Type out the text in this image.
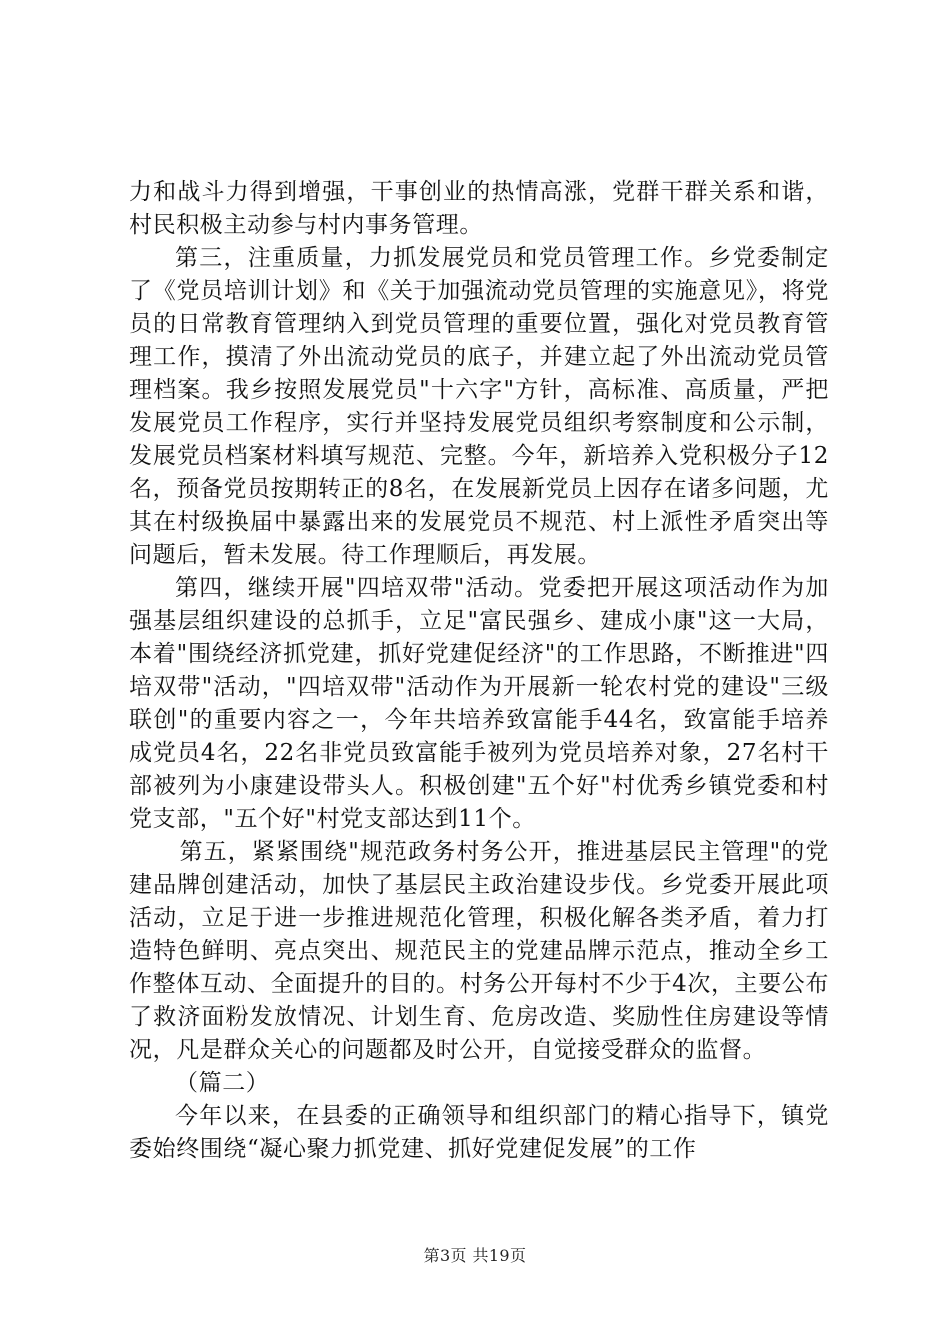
力和战斗力得到增强，干事创业的热情高涨，党群干群关系和谐，村民积极主动参与村内事务管理。

第三，注重质量，力抓发展党员和党员管理工作。乡党委制定了《党员培训计划》和《关于加强流动党员管理的实施意见》，将党员的日常教育管理纳入到党员管理的重要位置，强化对党员教育管理工作，摸清了外出流动党员的底子，并建立起了外出流动党员管理档案。我乡按照发展党员"十六字"方针，高标准、高质量，严把发展党员工作程序，实行并坚持发展党员组织考察制度和公示制，发展党员档案材料填写规范、完整。今年，新培养入党积极分子12名，预备党员按期转正的8名，在发展新党员上因存在诸多问题，尤其在村级换届中暴露出来的发展党员不规范、村上派性矛盾突出等问题后，暂未发展。待工作理顺后，再发展。

第四，继续开展"四培双带"活动。党委把开展这项活动作为加强基层组织建设的总抓手，立足"富民强乡、建成小康"这一大局，本着"围绕经济抓党建，抓好党建促经济"的工作思路，不断推进"四培双带"活动，"四培双带"活动作为开展新一轮农村党的建设"三级联创"的重要内容之一，今年共培养致富能手44名，致富能手培养成党员4名，22名非党员致富能手被列为党员培养对象，27名村干部被列为小康建设带头人。积极创建"五个好"村优秀乡镇党委和村党支部，"五个好"村党支部达到11个。

第五，紧紧围绕"规范政务村务公开，推进基层民主管理"的党建品牌创建活动，加快了基层民主政治建设步伐。乡党委开展此项活动，立足于进一步推进规范化管理，积极化解各类矛盾，着力打造特色鲜明、亮点突出、规范民主的党建品牌示范点，推动全乡工作整体互动、全面提升的目的。村务公开每村不少于4次，主要公布了救济面粉发放情况、计划生育、危房改造、奖励性住房建设等情况，凡是群众关心的问题都及时公开，自觉接受群众的监督。

（篇二）

今年以来，在县委的正确领导和组织部门的精心指导下，镇党委始终围绕“凝心聚力抓党建、抓好党建促发展”的工作

第3页 共19页
